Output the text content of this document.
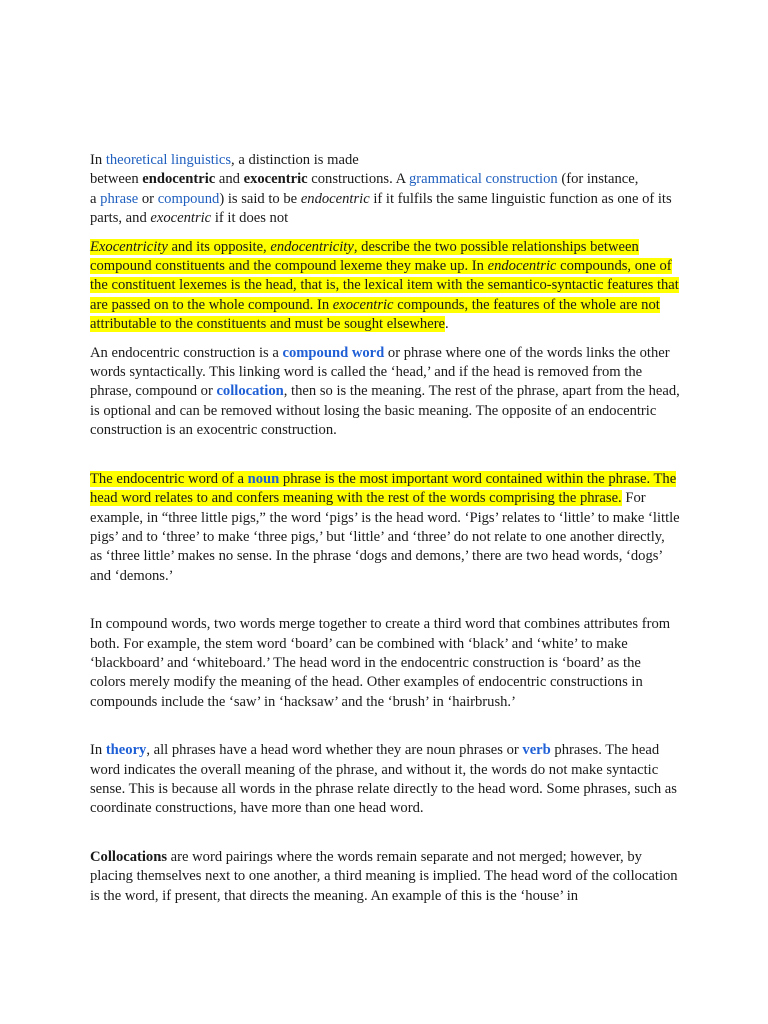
In theoretical linguistics, a distinction is made
between endocentric and exocentric constructions. A grammatical construction (for instance,
a phrase or compound) is said to be endocentric if it fulfils the same linguistic function as one of its parts, and exocentric if it does not

Exocentricity and its opposite, endocentricity, describe the two possible relationships between compound constituents and the compound lexeme they make up. In endocentric compounds, one of the constituent lexemes is the head, that is, the lexical item with the semantico-syntactic features that are passed on to the whole compound. In exocentric compounds, the features of the whole are not attributable to the constituents and must be sought elsewhere.

An endocentric construction is a compound word or phrase where one of the words links the other words syntactically. This linking word is called the ‘head,’ and if the head is removed from the phrase, compound or collocation, then so is the meaning. The rest of the phrase, apart from the head, is optional and can be removed without losing the basic meaning. The opposite of an endocentric construction is an exocentric construction.

The endocentric word of a noun phrase is the most important word contained within the phrase. The head word relates to and confers meaning with the rest of the words comprising the phrase. For example, in “three little pigs,” the word ‘pigs’ is the head word. ‘Pigs’ relates to ‘little’ to make ‘little pigs’ and to ‘three’ to make ‘three pigs,’ but ‘little’ and ‘three’ do not relate to one another directly, as ‘three little’ makes no sense. In the phrase ‘dogs and demons,’ there are two head words, ‘dogs’ and ‘demons.’

In compound words, two words merge together to create a third word that combines attributes from both. For example, the stem word ‘board’ can be combined with ‘black’ and ‘white’ to make ‘blackboard’ and ‘whiteboard.’ The head word in the endocentric construction is ‘board’ as the colors merely modify the meaning of the head. Other examples of endocentric constructions in compounds include the ‘saw’ in ‘hacksaw’ and the ‘brush’ in ‘hairbrush.’

In theory, all phrases have a head word whether they are noun phrases or verb phrases. The head word indicates the overall meaning of the phrase, and without it, the words do not make syntactic sense. This is because all words in the phrase relate directly to the head word. Some phrases, such as coordinate constructions, have more than one head word.

Collocations are word pairings where the words remain separate and not merged; however, by placing themselves next to one another, a third meaning is implied. The head word of the collocation is the word, if present, that directs the meaning. An example of this is the ‘house’ in
